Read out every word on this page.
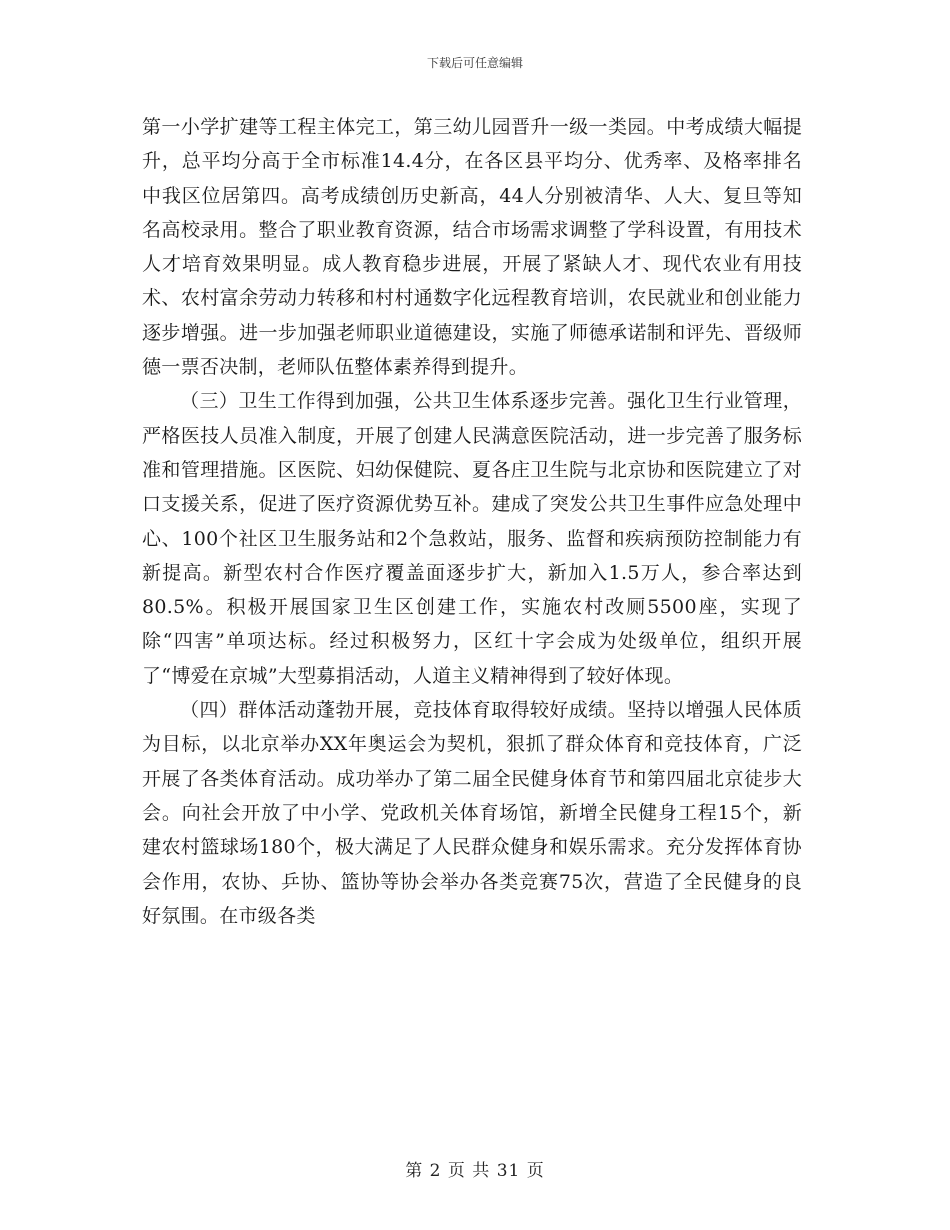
下载后可任意编辑

第一小学扩建等工程主体完工，第三幼儿园晋升一级一类园。中考成绩大幅提升，总平均分高于全市标准14.4分，在各区县平均分、优秀率、及格率排名中我区位居第四。高考成绩创历史新高，44人分别被清华、人大、复旦等知名高校录用。整合了职业教育资源，结合市场需求调整了学科设置，有用技术人才培育效果明显。成人教育稳步进展，开展了紧缺人才、现代农业有用技术、农村富余劳动力转移和村村通数字化远程教育培训，农民就业和创业能力逐步增强。进一步加强老师职业道德建设，实施了师德承诺制和评先、晋级师德一票否决制，老师队伍整体素养得到提升。

（三）卫生工作得到加强，公共卫生体系逐步完善。强化卫生行业管理，严格医技人员准入制度，开展了创建人民满意医院活动，进一步完善了服务标准和管理措施。区医院、妇幼保健院、夏各庄卫生院与北京协和医院建立了对口支援关系，促进了医疗资源优势互补。建成了突发公共卫生事件应急处理中心、100个社区卫生服务站和2个急救站，服务、监督和疾病预防控制能力有新提高。新型农村合作医疗覆盖面逐步扩大，新加入1.5万人，参合率达到80.5%。积极开展国家卫生区创建工作，实施农村改厕5500座，实现了除“四害”单项达标。经过积极努力，区红十字会成为处级单位，组织开展了“博爱在京城”大型募捐活动，人道主义精神得到了较好体现。

（四）群体活动蓬勃开展，竞技体育取得较好成绩。坚持以增强人民体质为目标，以北京举办XX年奥运会为契机，狠抓了群众体育和竞技体育，广泛开展了各类体育活动。成功举办了第二届全民健身体育节和第四届北京徒步大会。向社会开放了中小学、党政机关体育场馆，新增全民健身工程15个，新建农村篮球场180个，极大满足了人民群众健身和娱乐需求。充分发挥体育协会作用，农协、乒协、篮协等协会举办各类竞赛75次，营造了全民健身的良好氛围。在市级各类

第 2 页 共 31 页
